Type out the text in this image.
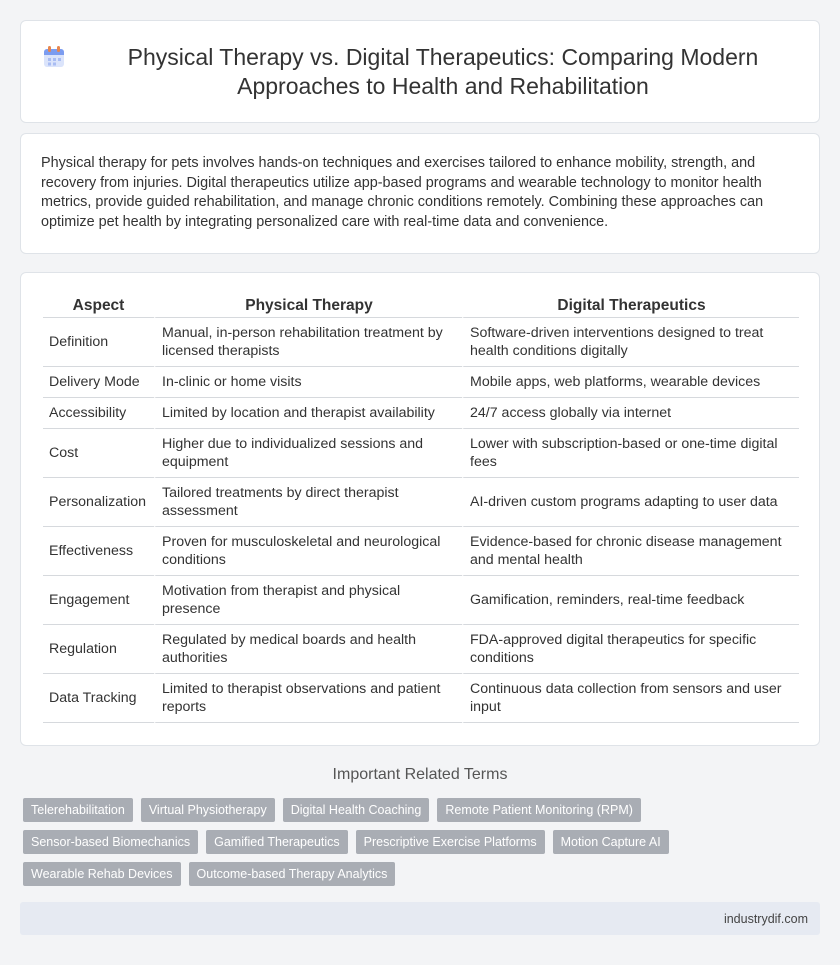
Physical Therapy vs. Digital Therapeutics: Comparing Modern Approaches to Health and Rehabilitation

Physical therapy for pets involves hands-on techniques and exercises tailored to enhance mobility, strength, and recovery from injuries. Digital therapeutics utilize app-based programs and wearable technology to monitor health metrics, provide guided rehabilitation, and manage chronic conditions remotely. Combining these approaches can optimize pet health by integrating personalized care with real-time data and convenience.

Aspect	Physical Therapy	Digital Therapeutics
Definition	Manual, in-person rehabilitation treatment by licensed therapists	Software-driven interventions designed to treat health conditions digitally
Delivery Mode	In-clinic or home visits	Mobile apps, web platforms, wearable devices
Accessibility	Limited by location and therapist availability	24/7 access globally via internet
Cost	Higher due to individualized sessions and equipment	Lower with subscription-based or one-time digital fees
Personalization	Tailored treatments by direct therapist assessment	AI-driven custom programs adapting to user data
Effectiveness	Proven for musculoskeletal and neurological conditions	Evidence-based for chronic disease management and mental health
Engagement	Motivation from therapist and physical presence	Gamification, reminders, real-time feedback
Regulation	Regulated by medical boards and health authorities	FDA-approved digital therapeutics for specific conditions
Data Tracking	Limited to therapist observations and patient reports	Continuous data collection from sensors and user input
Important Related Terms
Telerehabilitation	Virtual Physiotherapy	Digital Health Coaching	Remote Patient Monitoring (RPM)
Sensor-based Biomechanics	Gamified Therapeutics	Prescriptive Exercise Platforms	Motion Capture AI
Wearable Rehab Devices	Outcome-based Therapy Analytics
industrydif.com
